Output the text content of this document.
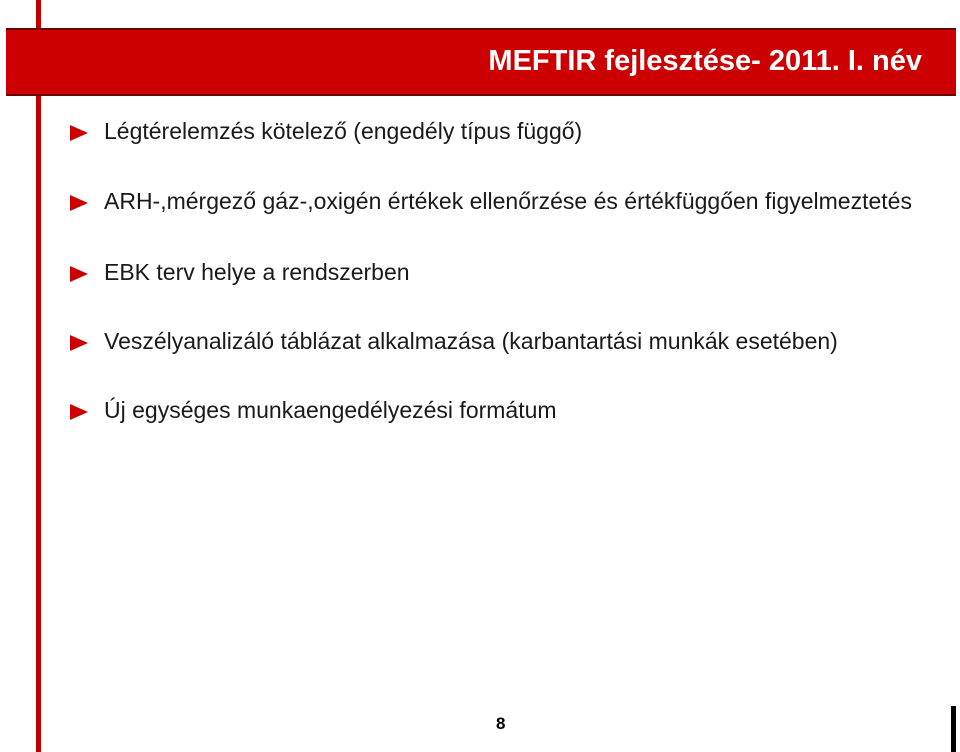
MEFTIR fejlesztése- 2011. I. név
Légtérelemzés kötelező (engedély típus függő)
ARH-,mérgező gáz-,oxigén értékek ellenőrzése és értékfüggően figyelmeztetés
EBK terv helye a rendszerben
Veszélyanalizáló táblázat alkalmazása (karbantartási munkák esetében)
Új egységes munkaengedélyezési formátum
8
